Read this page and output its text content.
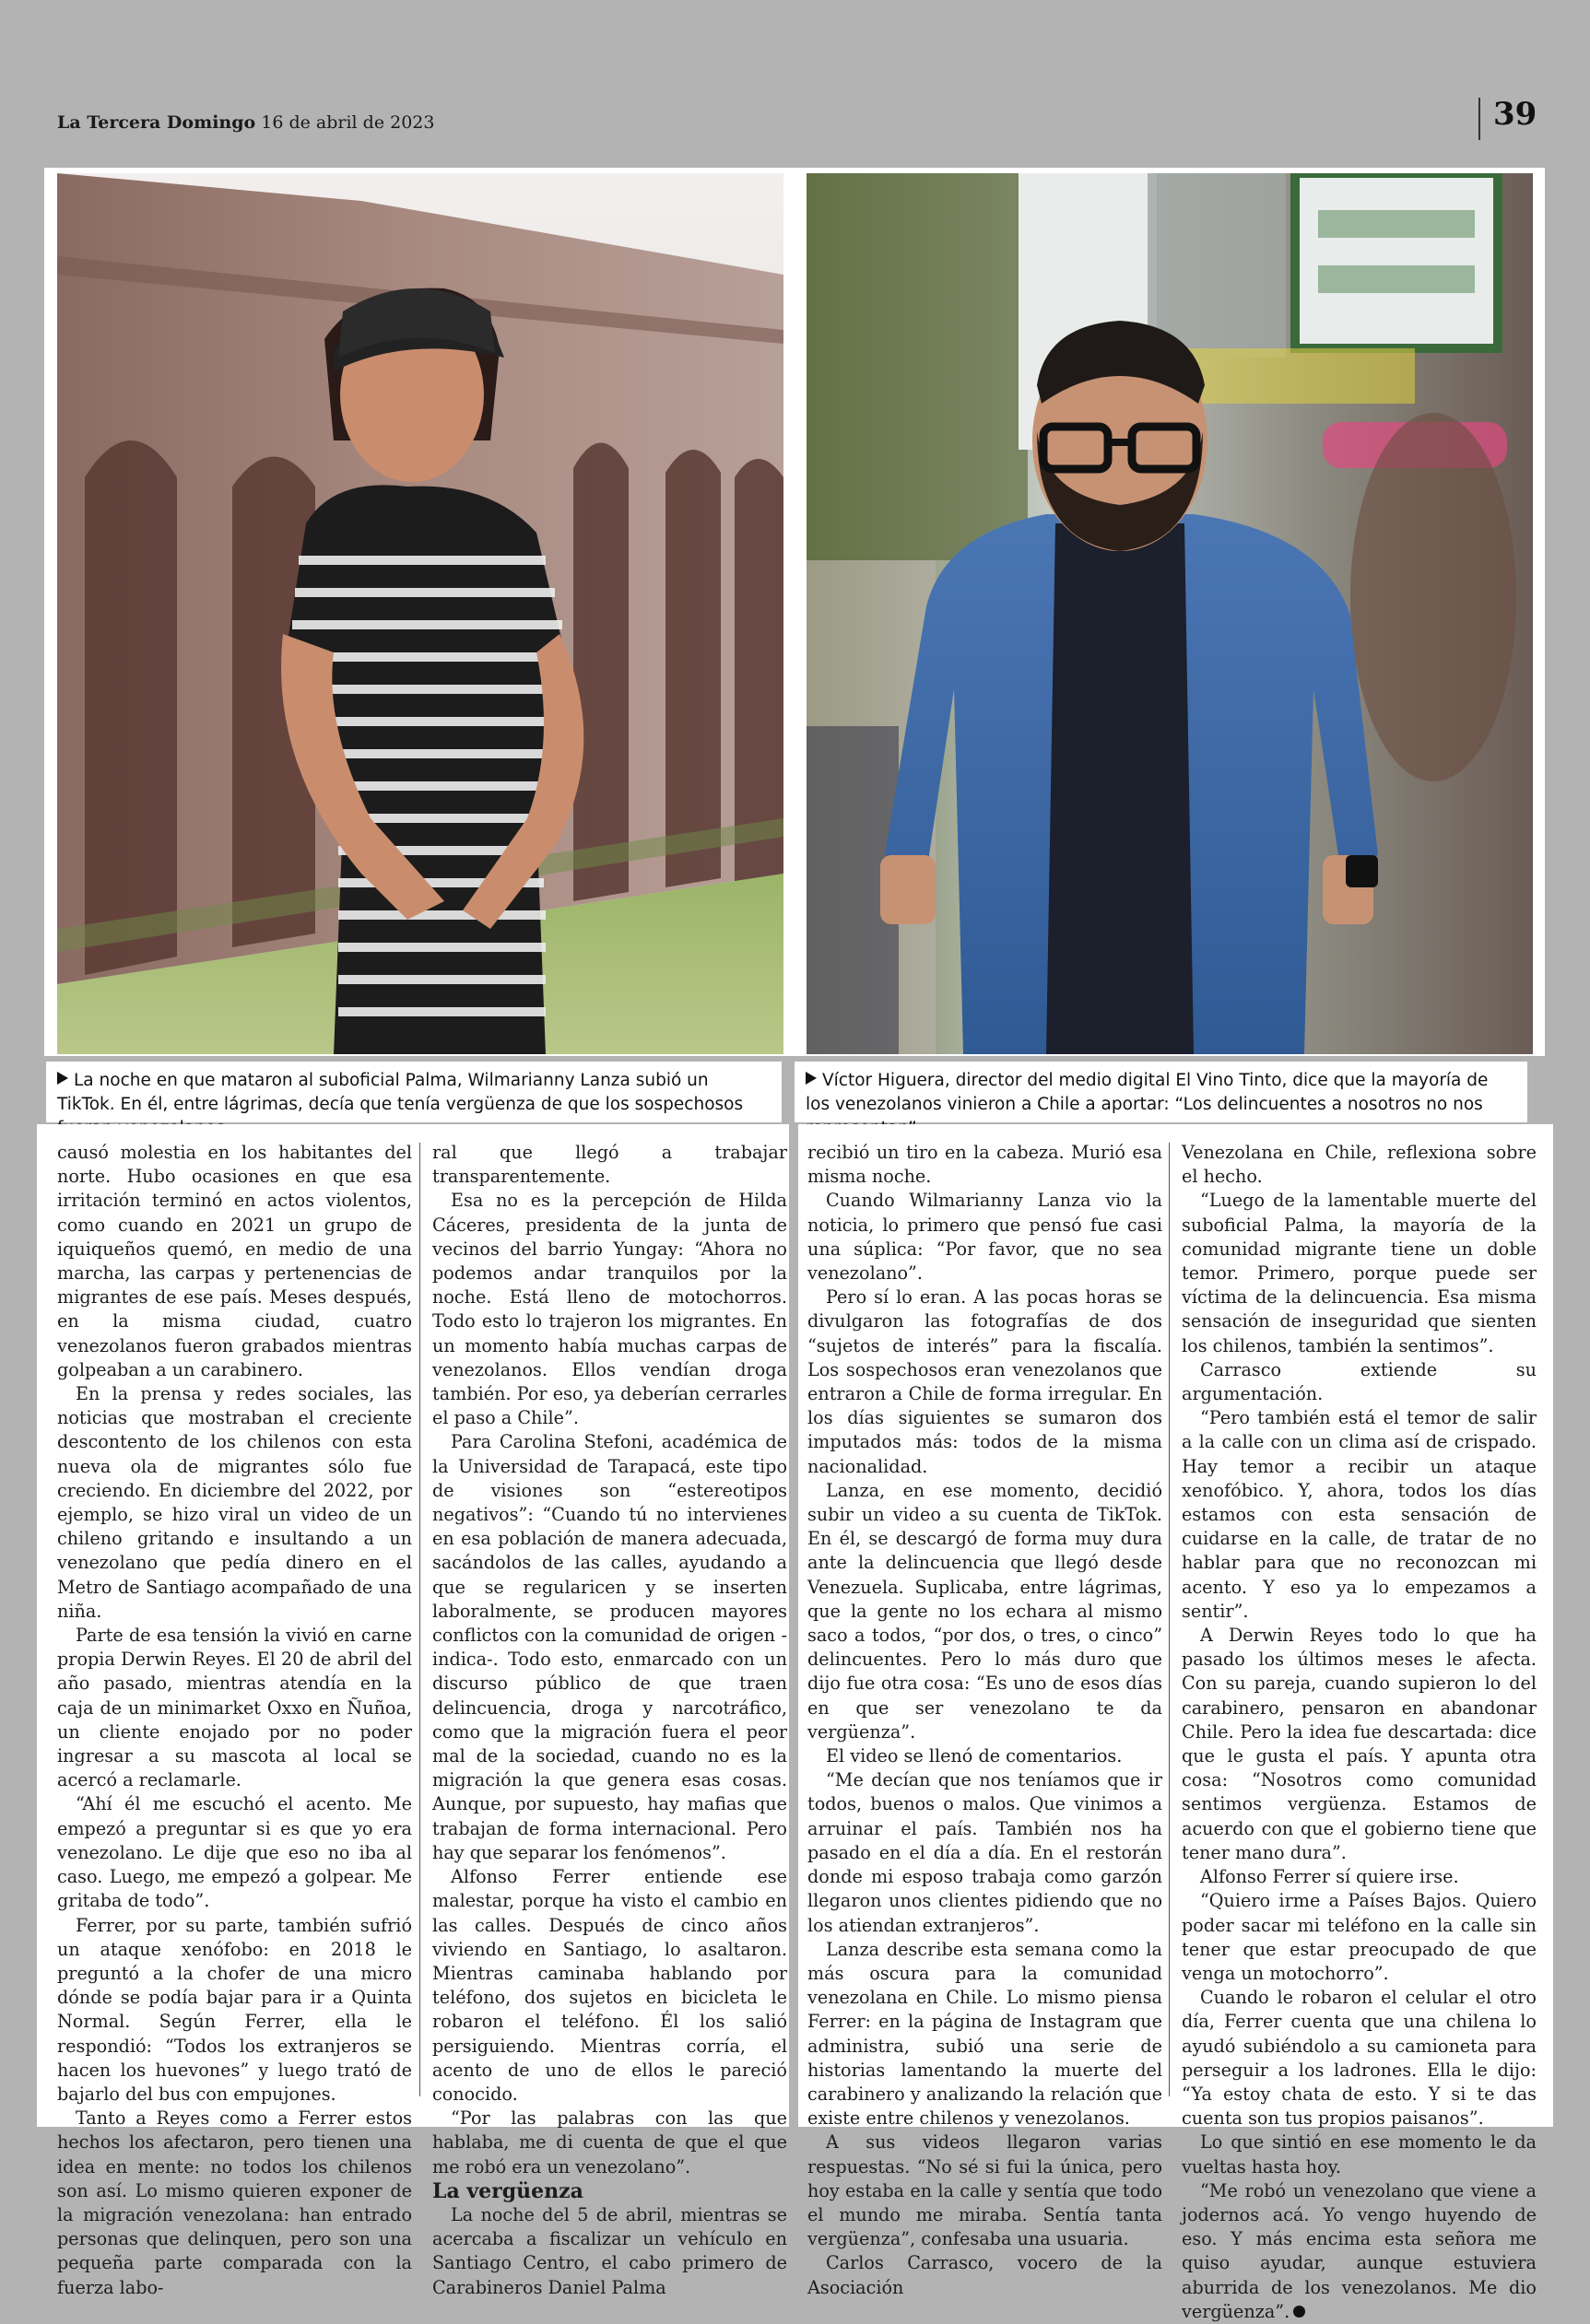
La Tercera Domingo 16 de abril de 2023	39
La noche en que mataron al suboficial Palma, Wilmarianny Lanza subió un TikTok. En él, entre lágrimas, decía que tenía vergüenza de que los sospechosos
Víctor Higuera, director del medio digital El Vino Tinto, dice que la mayoría de los venezolanos vinieron a Chile a aportar: “Los delincuentes a nosotros no nos

causó molestia en los habitantes del norte. Hubo ocasiones en que esa irritación terminó en actos violentos, como cuando en 2021 un grupo de iquiqueños quemó, en medio de una marcha, las carpas y pertenencias de migrantes de ese país. Meses después, en la misma ciudad, cuatro venezolanos fueron grabados mientras golpeaban a un carabinero.

En la prensa y redes sociales, las noticias que mostraban el creciente descontento de los chilenos con esta nueva ola de migrantes sólo fue creciendo. En diciembre del 2022, por ejemplo, se hizo viral un video de un chileno gritando e insultando a un venezolano que pedía dinero en el Metro de Santiago acompañado de una niña.

Parte de esa tensión la vivió en carne propia Derwin Reyes. El 20 de abril del año pasado, mientras atendía en la caja de un minimarket Oxxo en Ñuñoa, un cliente enojado por no poder ingresar a su mascota al local se acercó a reclamarle.

“Ahí él me escuchó el acento. Me empezó a preguntar si es que yo era venezolano. Le dije que eso no iba al caso. Luego, me empezó a golpear. Me gritaba de todo”.

Ferrer, por su parte, también sufrió un ataque xenófobo: en 2018 le preguntó a la chofer de una micro dónde se podía bajar para ir a Quinta Normal. Según Ferrer, ella le respondió: “Todos los extranjeros se hacen los huevones” y luego trató de bajarlo del bus con empujones.

Tanto a Reyes como a Ferrer estos hechos los afectaron, pero tienen una idea en mente: no todos los chilenos son así. Lo mismo quieren exponer de la migración venezolana: han entrado personas que delinquen, pero son una pequeña parte comparada con la fuerza labo-

ral que llegó a trabajar transparentemente.

Esa no es la percepción de Hilda Cáceres, presidenta de la junta de vecinos del barrio Yungay: “Ahora no podemos andar tranquilos por la noche. Está lleno de motochorros. Todo esto lo trajeron los migrantes. En un momento había muchas carpas de venezolanos. Ellos vendían droga también. Por eso, ya deberían cerrarles el paso a Chile”.

Para Carolina Stefoni, académica de la Universidad de Tarapacá, este tipo de visiones son “estereotipos negativos”: “Cuando tú no intervienes en esa población de manera adecuada, sacándolos de las calles, ayudando a que se regularicen y se inserten laboralmente, se producen mayores conflictos con la comunidad de origen -indica-. Todo esto, enmarcado con un discurso público de que traen delincuencia, droga y narcotráfico, como que la migración fuera el peor mal de la sociedad, cuando no es la migración la que genera esas cosas. Aunque, por supuesto, hay mafias que trabajan de forma internacional. Pero hay que separar los fenómenos”.

Alfonso Ferrer entiende ese malestar, porque ha visto el cambio en las calles. Después de cinco años viviendo en Santiago, lo asaltaron. Mientras caminaba hablando por teléfono, dos sujetos en bicicleta le robaron el teléfono. Él los salió persiguiendo. Mientras corría, el acento de uno de ellos le pareció conocido.

“Por las palabras con las que hablaba, me di cuenta de que el que me robó era un venezolano”.

La vergüenza

La noche del 5 de abril, mientras se acercaba a fiscalizar un vehículo en Santiago Centro, el cabo primero de Carabineros Daniel Palma

recibió un tiro en la cabeza. Murió esa misma noche.

Cuando Wilmarianny Lanza vio la noticia, lo primero que pensó fue casi una súplica: “Por favor, que no sea venezolano”.

Pero sí lo eran. A las pocas horas se divulgaron las fotografías de dos “sujetos de interés” para la fiscalía. Los sospechosos eran venezolanos que entraron a Chile de forma irregular. En los días siguientes se sumaron dos imputados más: todos de la misma nacionalidad.

Lanza, en ese momento, decidió subir un video a su cuenta de TikTok. En él, se descargó de forma muy dura ante la delincuencia que llegó desde Venezuela. Suplicaba, entre lágrimas, que la gente no los echara al mismo saco a todos, “por dos, o tres, o cinco” delincuentes. Pero lo más duro que dijo fue otra cosa: “Es uno de esos días en que ser venezolano te da vergüenza”.

El video se llenó de comentarios.

“Me decían que nos teníamos que ir todos, buenos o malos. Que vinimos a arruinar el país. También nos ha pasado en el día a día. En el restorán donde mi esposo trabaja como garzón llegaron unos clientes pidiendo que no los atiendan extranjeros”.

Lanza describe esta semana como la más oscura para la comunidad venezolana en Chile. Lo mismo piensa Ferrer: en la página de Instagram que administra, subió una serie de historias lamentando la muerte del carabinero y analizando la relación que existe entre chilenos y venezolanos.

A sus videos llegaron varias respuestas. “No sé si fui la única, pero hoy estaba en la calle y sentía que todo el mundo me miraba. Sentía tanta vergüenza”, confesaba una usuaria.

Carlos Carrasco, vocero de la Asociación

Venezolana en Chile, reflexiona sobre el hecho.

“Luego de la lamentable muerte del suboficial Palma, la mayoría de la comunidad migrante tiene un doble temor. Primero, porque puede ser víctima de la delincuencia. Esa misma sensación de inseguridad que sienten los chilenos, también la sentimos”.

Carrasco extiende su argumentación.

“Pero también está el temor de salir a la calle con un clima así de crispado. Hay temor a recibir un ataque xenofóbico. Y, ahora, todos los días estamos con esta sensación de cuidarse en la calle, de tratar de no hablar para que no reconozcan mi acento. Y eso ya lo empezamos a sentir”.

A Derwin Reyes todo lo que ha pasado los últimos meses le afecta. Con su pareja, cuando supieron lo del carabinero, pensaron en abandonar Chile. Pero la idea fue descartada: dice que le gusta el país. Y apunta otra cosa: “Nosotros como comunidad sentimos vergüenza. Estamos de acuerdo con que el gobierno tiene que tener mano dura”.

Alfonso Ferrer sí quiere irse.

“Quiero irme a Países Bajos. Quiero poder sacar mi teléfono en la calle sin tener que estar preocupado de que venga un motochorro”.

Cuando le robaron el celular el otro día, Ferrer cuenta que una chilena lo ayudó subiéndolo a su camioneta para perseguir a los ladrones. Ella le dijo: “Ya estoy chata de esto. Y si te das cuenta son tus propios paisanos”.

Lo que sintió en ese momento le da vueltas hasta hoy.

“Me robó un venezolano que viene a jodernos acá. Yo vengo huyendo de eso. Y más encima esta señora me quiso ayudar, aunque estuviera aburrida de los venezolanos. Me dio vergüenza”.
